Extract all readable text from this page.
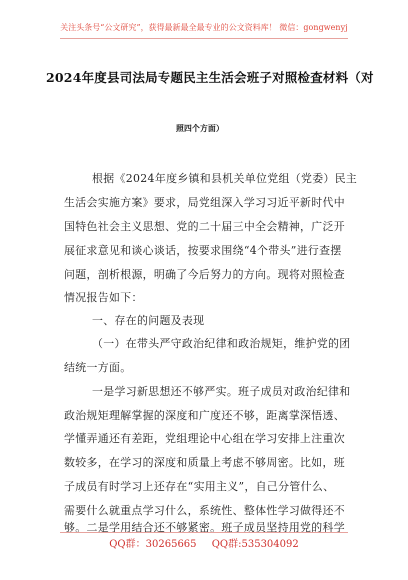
关注头条号“公文研究”，获得最新最全最专业的公文资料库！ 微信：gongwenyj
2024年度县司法局专题民主生活会班子对照检查材料（对
照四个方面）
根据《2024年度乡镇和县机关单位党组（党委）民主
生活会实施方案》要求，局党组深入学习习近平新时代中
国特色社会主义思想、党的二十届三中全会精神，广泛开
展征求意见和谈心谈话，按要求围绕“4个带头”进行查摆
问题，剖析根源，明确了今后努力的方向。现将对照检查
情况报告如下：
一、存在的问题及表现
（一）在带头严守政治纪律和政治规矩，维护党的团
结统一方面。
一是学习新思想还不够严实。班子成员对政治纪律和
政治规矩理解掌握的深度和广度还不够，距离掌深悟透、
学懂弄通还有差距，党组理论中心组在学习安排上注重次
数较多，在学习的深度和质量上考虑不够周密。比如，班
子成员有时学习上还存在“实用主义”，自己分管什么、
需要什么就重点学习什么，系统性、整体性学习做得还不
够。二是学用结合还不够紧密。班子成员坚持用党的科学
QQ群：30265665 QQ群:535304092
